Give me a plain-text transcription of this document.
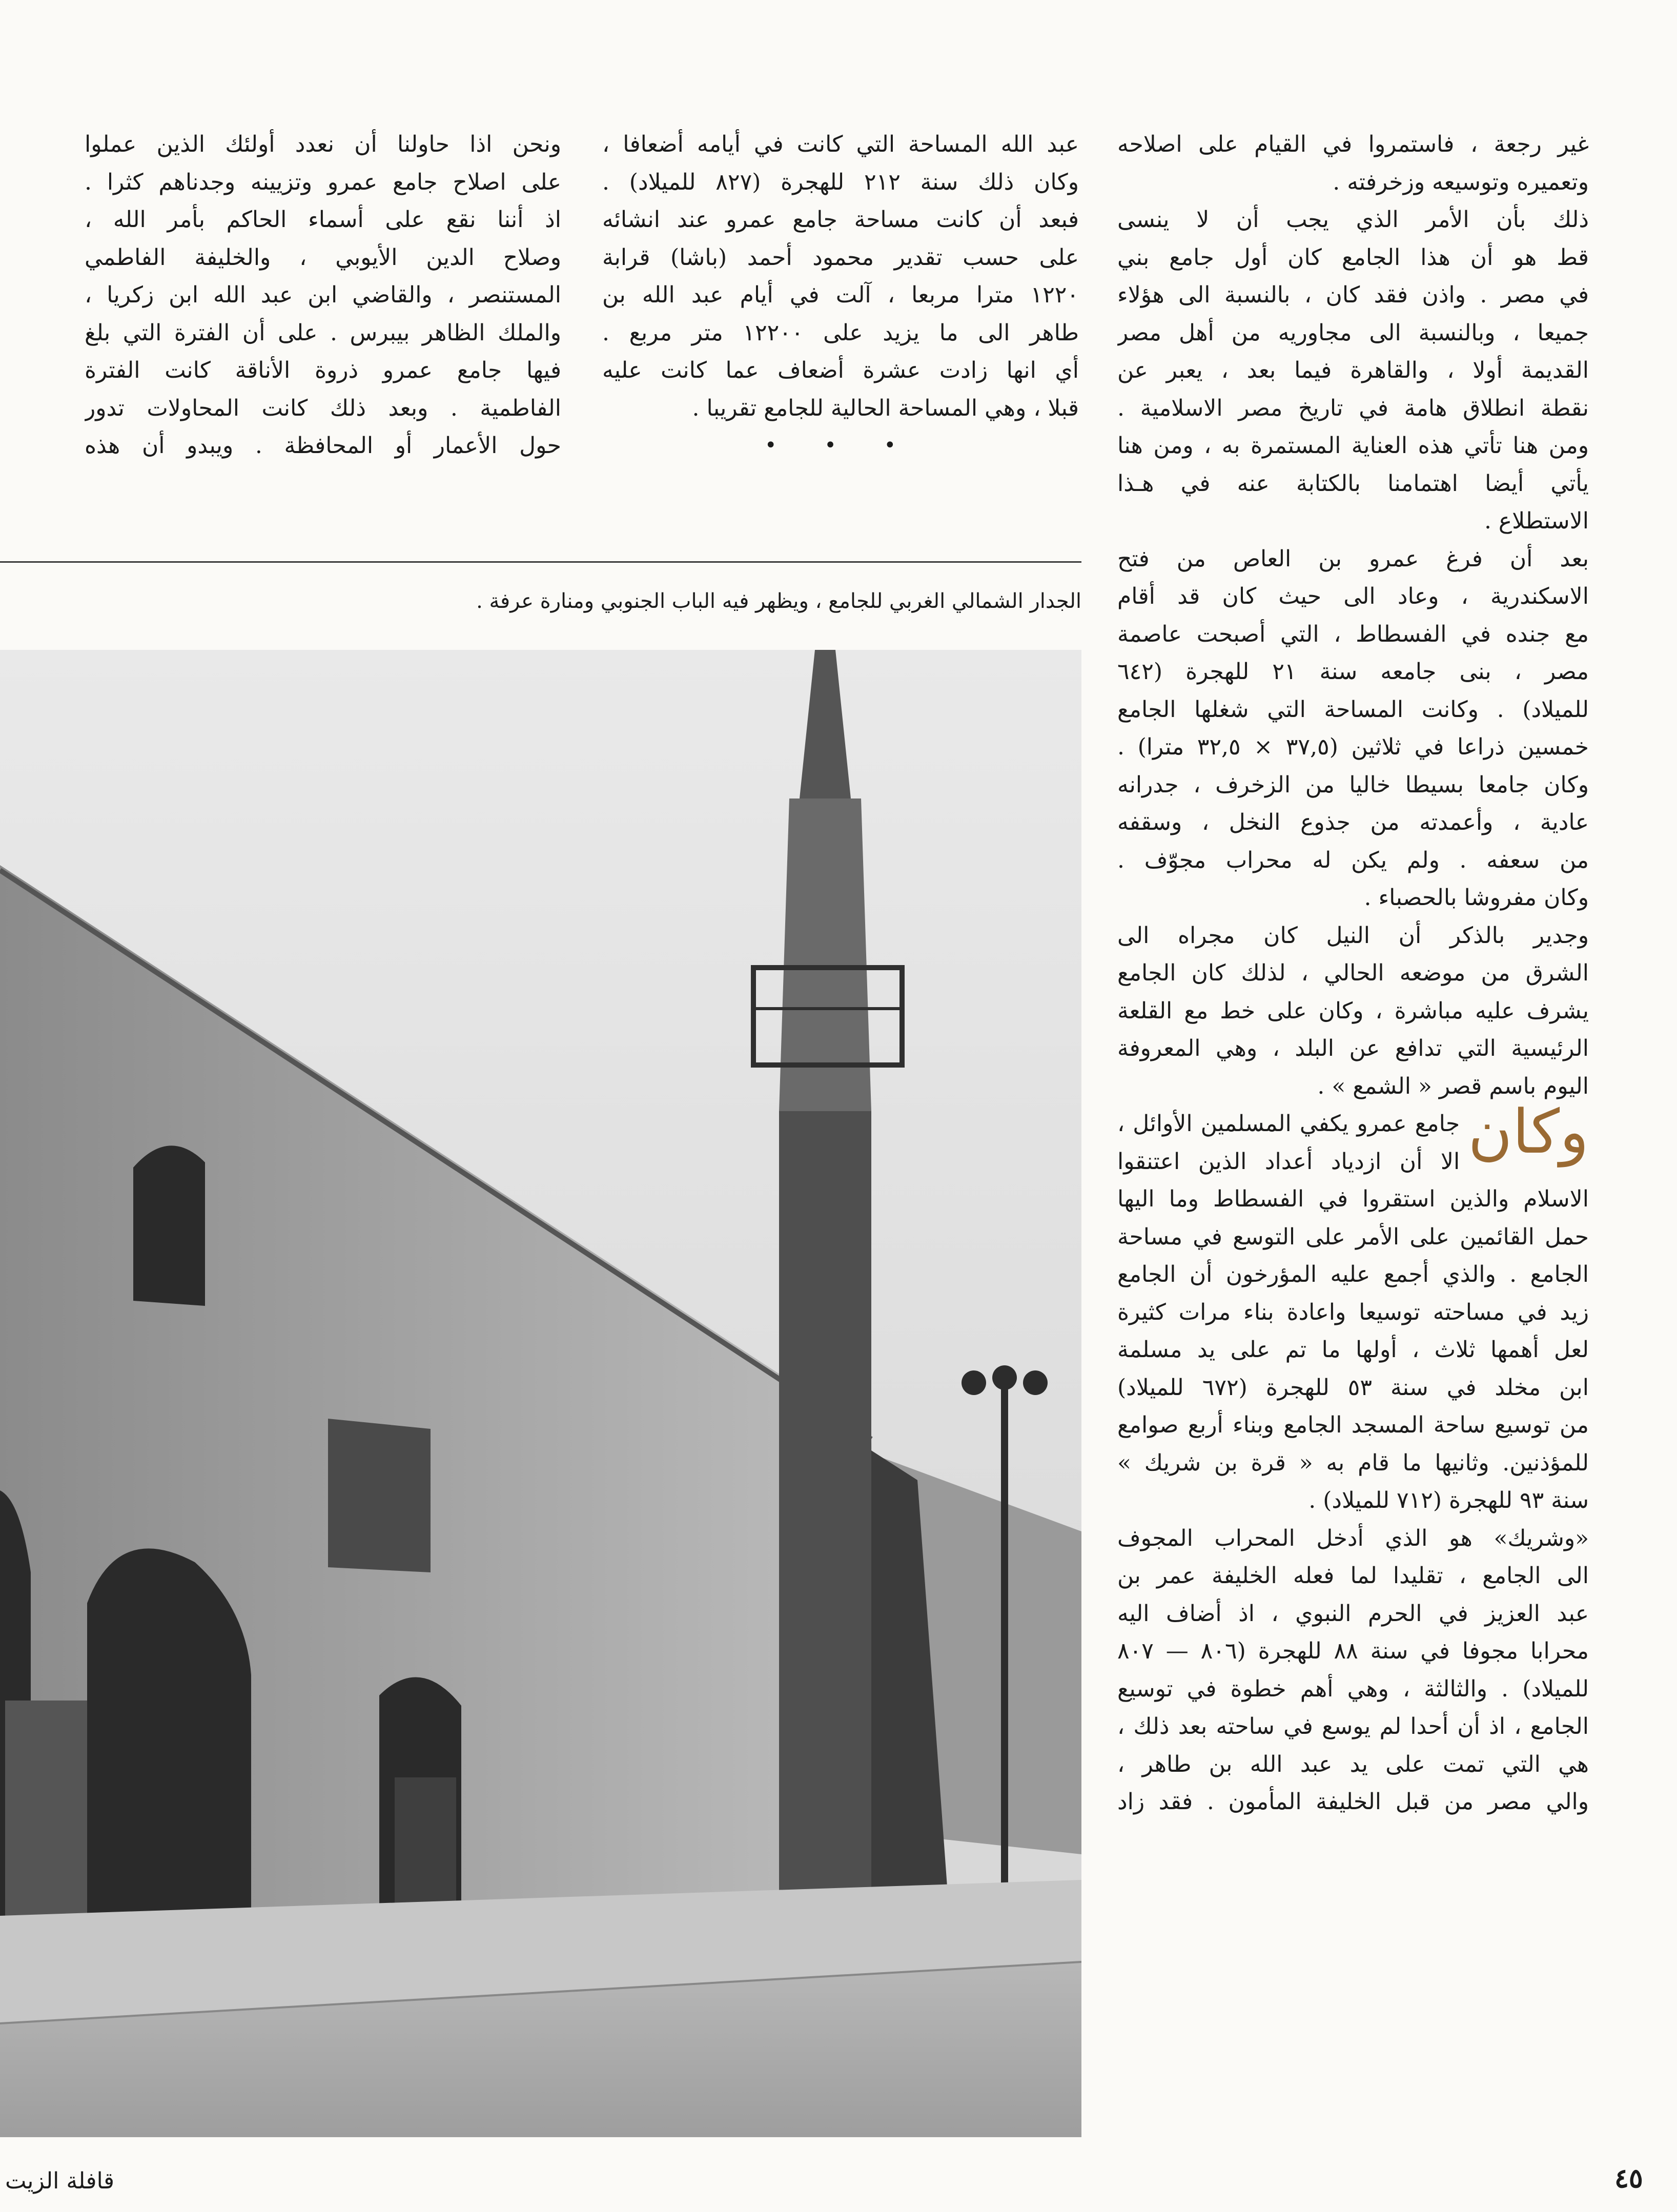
غير رجعة ، فاستمروا في القيام على اصلاحه
وتعميره وتوسيعه وزخرفته .

ذلك بأن الأمر الذي يجب أن لا ينسى
قط هو أن هذا الجامع كان أول جامع بني
في مصر . واذن فقد كان ، بالنسبة الى هؤلاء
جميعا ، وبالنسبة الى مجاوريه من أهل مصر
القديمة أولا ، والقاهرة فيما بعد ، يعبر عن
نقطة انطلاق هامة في تاريخ مصر الاسلامية .
ومن هنا تأتي هذه العناية المستمرة به ، ومن هنا
يأتي أيضا اهتمامنا بالكتابة عنه في هـذا
الاستطلاع .

بعد أن فرغ عمرو بن العاص من فتح
الاسكندرية ، وعاد الى حيث كان قد أقام
مع جنده في الفسطاط ، التي أصبحت عاصمة
مصر ، بنى جامعه سنة ٢١ للهجرة (٦٤٢
للميلاد) . وكانت المساحة التي شغلها الجامع
خمسين ذراعا في ثلاثين (٣٧,٥ × ٣٢,٥ مترا) .
وكان جامعا بسيطا خاليا من الزخرف ، جدرانه
عادية ، وأعمدته من جذوع النخل ، وسقفه
من سعفه . ولم يكن له محراب مجوّف .
وكان مفروشا بالحصباء .

وجدير بالذكر أن النيل كان مجراه الى
الشرق من موضعه الحالي ، لذلك كان الجامع
يشرف عليه مباشرة ، وكان على خط مع القلعة
الرئيسية التي تدافع عن البلد ، وهي المعروفة
اليوم باسم قصر « الشمع » .

وكان
جامع عمرو يكفي المسلمين الأوائل ،
الا أن ازدياد أعداد الذين اعتنقوا

الاسلام والذين استقروا في الفسطاط وما اليها
حمل القائمين على الأمر على التوسع في مساحة
الجامع . والذي أجمع عليه المؤرخون أن الجامع
زيد في مساحته توسيعا واعادة بناء مرات كثيرة
لعل أهمها ثلاث ، أولها ما تم على يد مسلمة
ابن مخلد في سنة ٥٣ للهجرة (٦٧٢ للميلاد)
من توسيع ساحة المسجد الجامع وبناء أربع صوامع
للمؤذنين. وثانيها ما قام به « قرة بن شريك »
سنة ٩٣ للهجرة (٧١٢ للميلاد) .

«وشريك» هو الذي أدخل المحراب المجوف
الى الجامع ، تقليدا لما فعله الخليفة عمر بن
عبد العزيز في الحرم النبوي ، اذ أضاف اليه
محرابا مجوفا في سنة ٨٨ للهجرة (٨٠٦ — ٨٠٧
للميلاد) . والثالثة ، وهي أهم خطوة في توسيع
الجامع ، اذ أن أحدا لم يوسع في ساحته بعد ذلك ،
هي التي تمت على يد عبد الله بن طاهر ،
والي مصر من قبل الخليفة المأمون . فقد زاد

عبد الله المساحة التي كانت في أيامه أضعافا ،
وكان ذلك سنة ٢١٢ للهجرة (٨٢٧ للميلاد) .
فبعد أن كانت مساحة جامع عمرو عند انشائه
على حسب تقدير محمود أحمد (باشا) قرابة
١٢٢٠ مترا مربعا ، آلت في أيام عبد الله بن
طاهر الى ما يزيد على ١٢٢٠٠ متر مربع .
أي انها زادت عشرة أضعاف عما كانت عليه
قبلا ، وهي المساحة الحالية للجامع تقريبا .

• • •

ونحن اذا حاولنا أن نعدد أولئك الذين عملوا
على اصلاح جامع عمرو وتزيينه وجدناهم كثرا .
اذ أننا نقع على أسماء الحاكم بأمر الله ،
وصلاح الدين الأيوبي ، والخليفة الفاطمي
المستنصر ، والقاضي ابن عبد الله ابن زكريا ،
والملك الظاهر بيبرس . على أن الفترة التي بلغ
فيها جامع عمرو ذروة الأناقة كانت الفترة
الفاطمية . وبعد ذلك كانت المحاولات تدور
حول الأعمار أو المحافظة . ويبدو أن هذه

الجدار الشمالي الغربي للجامع ، ويظهر فيه الباب الجنوبي ومنارة عرفة .
قافلة الزيت	٤٥
